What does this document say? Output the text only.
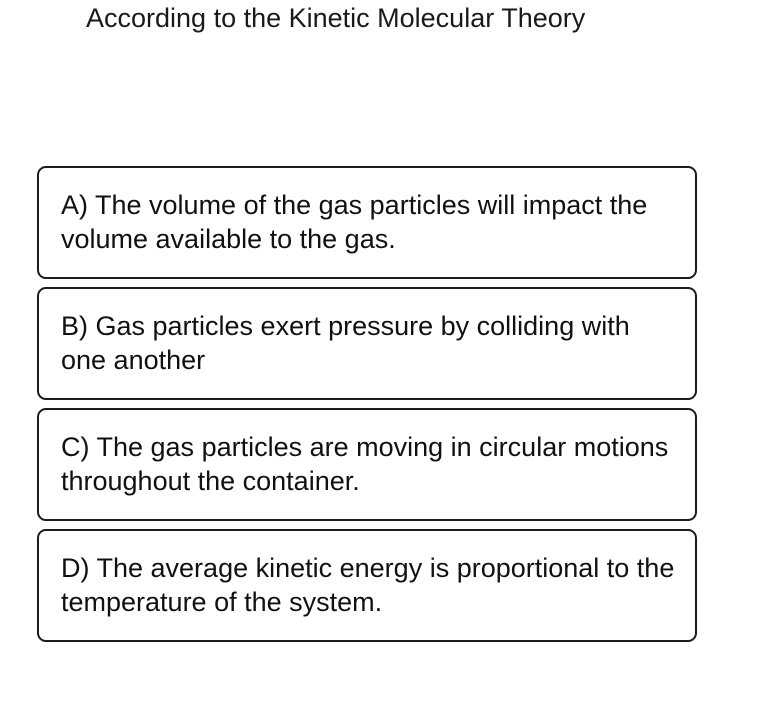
According to the Kinetic Molecular Theory
A) The volume of the gas particles will impact the volume available to the gas.
B) Gas particles exert pressure by colliding with one another
C) The gas particles are moving in circular motions throughout the container.
D) The average kinetic energy is proportional to the temperature of the system.
